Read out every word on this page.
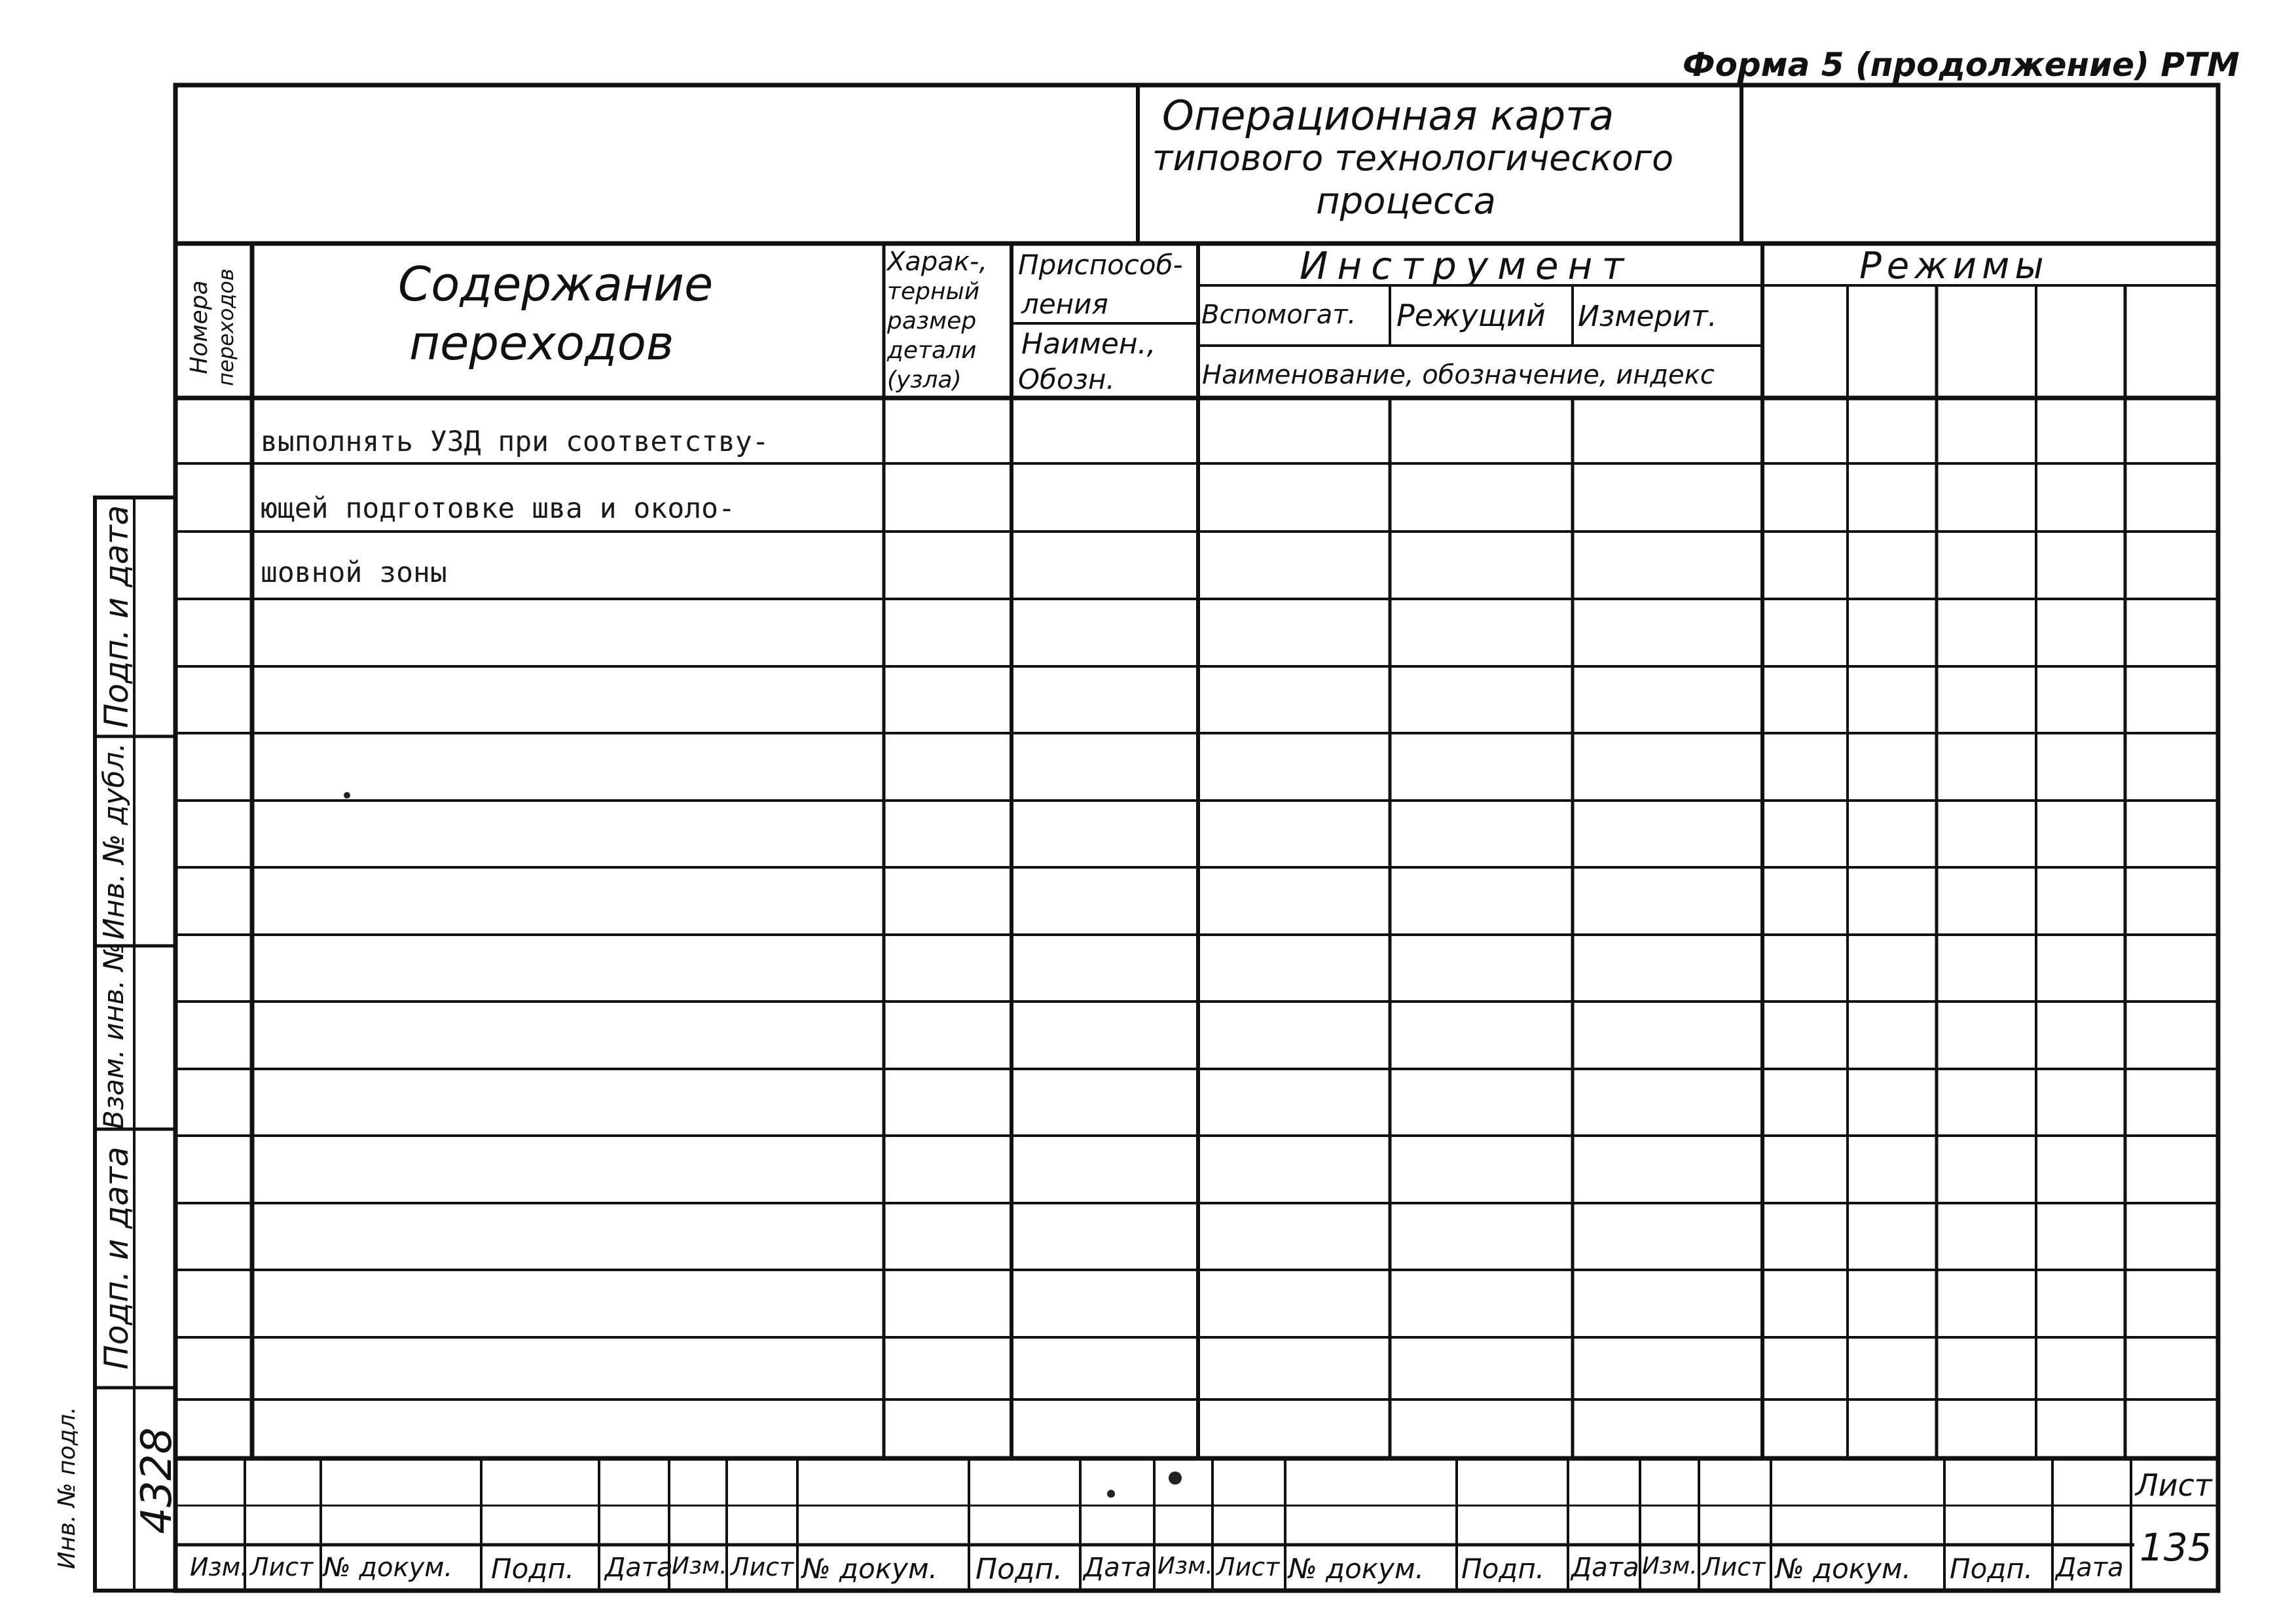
Форма 5 (продолжение) РТМ
Операционная карта
типового технологического
процесса
Номера переходов	Содержание
переходов
Харак-,
терный
размер
детали
(узла)
Приспособ-
ления
Наимен.,
Обозн.
Инструмент
Вспомогат. Режущий Измерит.
Наименование, обозначение, индекс
Режимы
выполнять УЗД при соответству-
ющей подготовке шва и около-
шовной зоны
Подп. и дата
Инв. № дубл.
Взам. инв. №
Подп. и дата
Инв. № подл. 4328
Изм. Лист № докум. Подп. Дата
Изм. Лист № докум. Подп. Дата Изм. Лист № докум. Подп. Дата Изм. Лист № докум. Подп. Дата
Лист
135
